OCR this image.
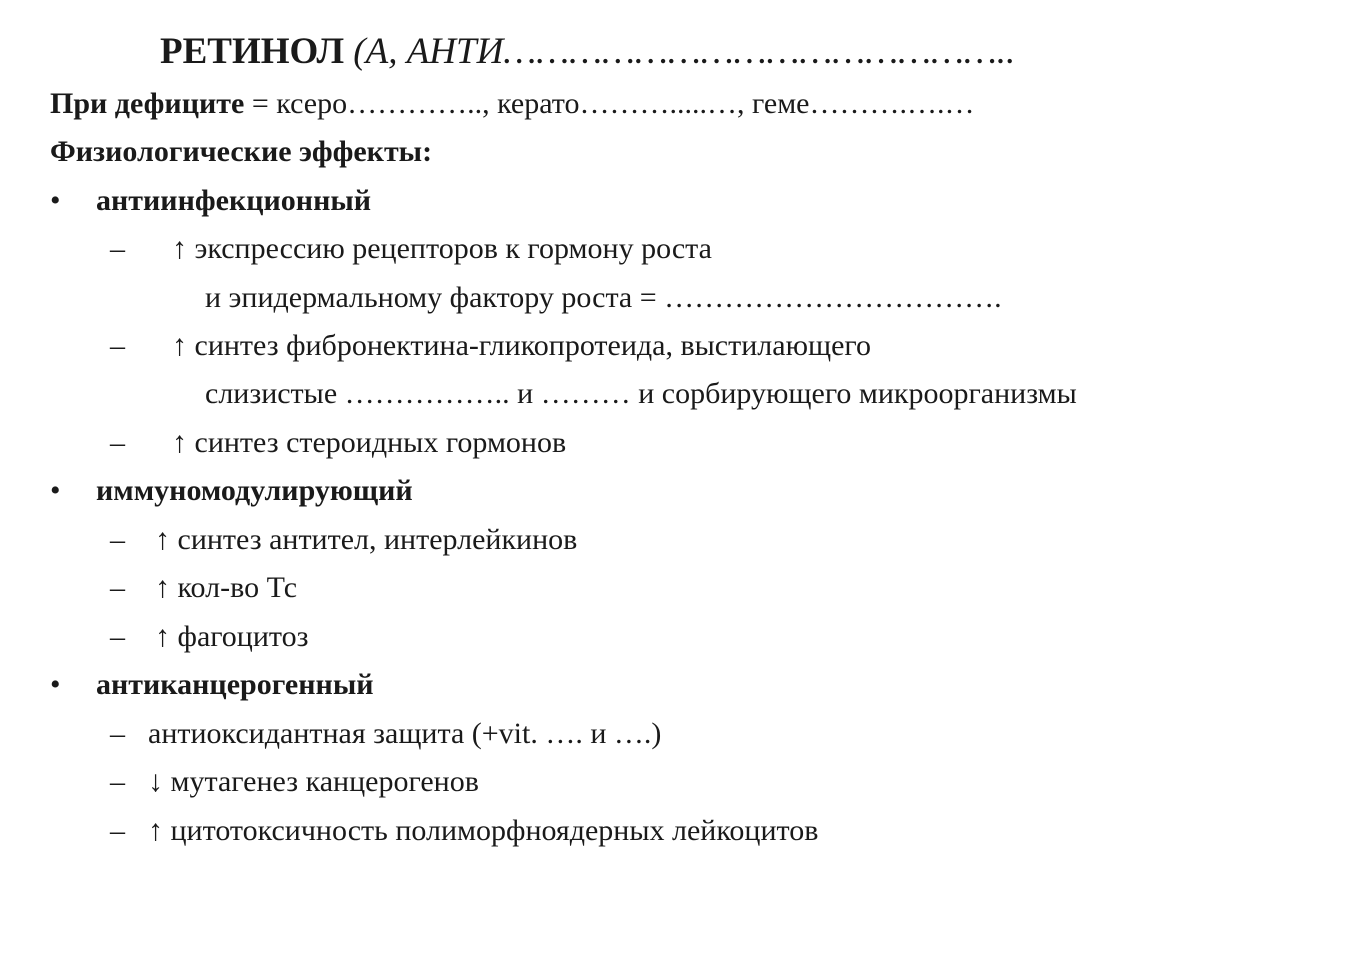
РЕТИНОЛ (А, АНТИ………………………………………..
При дефиците = ксеро………….., керато……….....…, геме……….….…
Физиологические эффекты:
• антиинфекционный
– ↑ экспрессию рецепторов к гормону роста
и эпидермальному фактору роста = …………………………….
– ↑ синтез фибронектина-гликопротеида, выстилающего
слизистые …………….. и ……… и сорбирующего микроорганизмы
– ↑ синтез стероидных гормонов
• иммуномодулирующий
– ↑ синтез антител, интерлейкинов
– ↑ кол-во Тс
– ↑ фагоцитоз
• антиканцерогенный
– антиоксидантная защита (+vit. …. и ….)
– ↓ мутагенез канцерогенов
– ↑ цитотоксичность полиморфноядерных лейкоцитов
